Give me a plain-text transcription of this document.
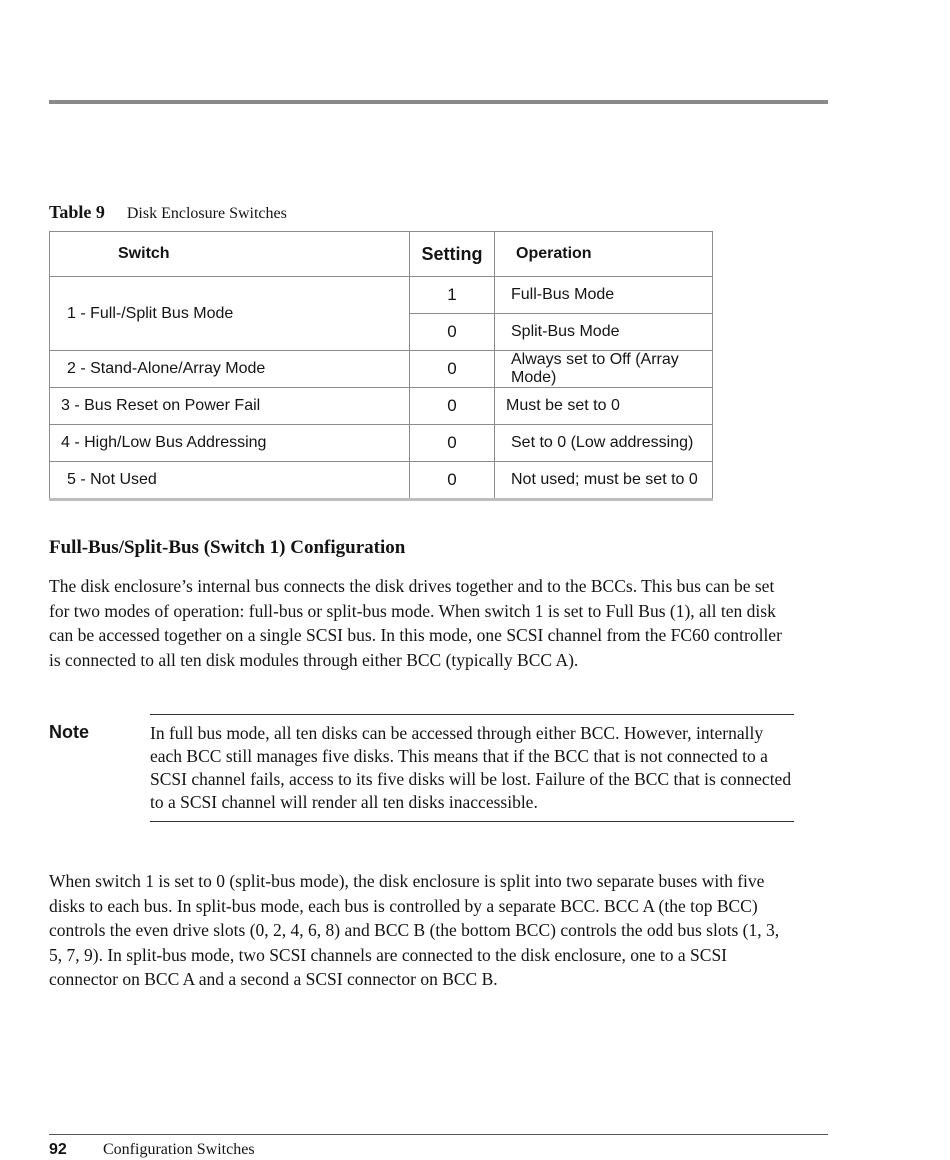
Table 9 Disk Enclosure Switches
Switch	Setting	Operation
1 - Full-/Split Bus Mode	1	Full-Bus Mode
	0	Split-Bus Mode
2 - Stand-Alone/Array Mode	0	Always set to Off (Array Mode)
3 - Bus Reset on Power Fail	0	Must be set to 0
4 - High/Low Bus Addressing	0	Set to 0 (Low addressing)
5 - Not Used	0	Not used; must be set to 0
Full-Bus/Split-Bus (Switch 1) Configuration

The disk enclosure’s internal bus connects the disk drives together and to the BCCs. This bus can be set for two modes of operation: full-bus or split-bus mode. When switch 1 is set to Full Bus (1), all ten disk can be accessed together on a single SCSI bus. In this mode, one SCSI channel from the FC60 controller is connected to all ten disk modules through either BCC (typically BCC A).

Note	In full bus mode, all ten disks can be accessed through either BCC. However, internally each BCC still manages five disks. This means that if the BCC that is not connected to a SCSI channel fails, access to its five disks will be lost. Failure of the BCC that is connected to a SCSI channel will render all ten disks inaccessible.

When switch 1 is set to 0 (split-bus mode), the disk enclosure is split into two separate buses with five disks to each bus. In split-bus mode, each bus is controlled by a separate BCC. BCC A (the top BCC) controls the even drive slots (0, 2, 4, 6, 8) and BCC B (the bottom BCC) controls the odd bus slots (1, 3, 5, 7, 9). In split-bus mode, two SCSI channels are connected to the disk enclosure, one to a SCSI connector on BCC A and a second a SCSI connector on BCC B.

92 Configuration Switches
